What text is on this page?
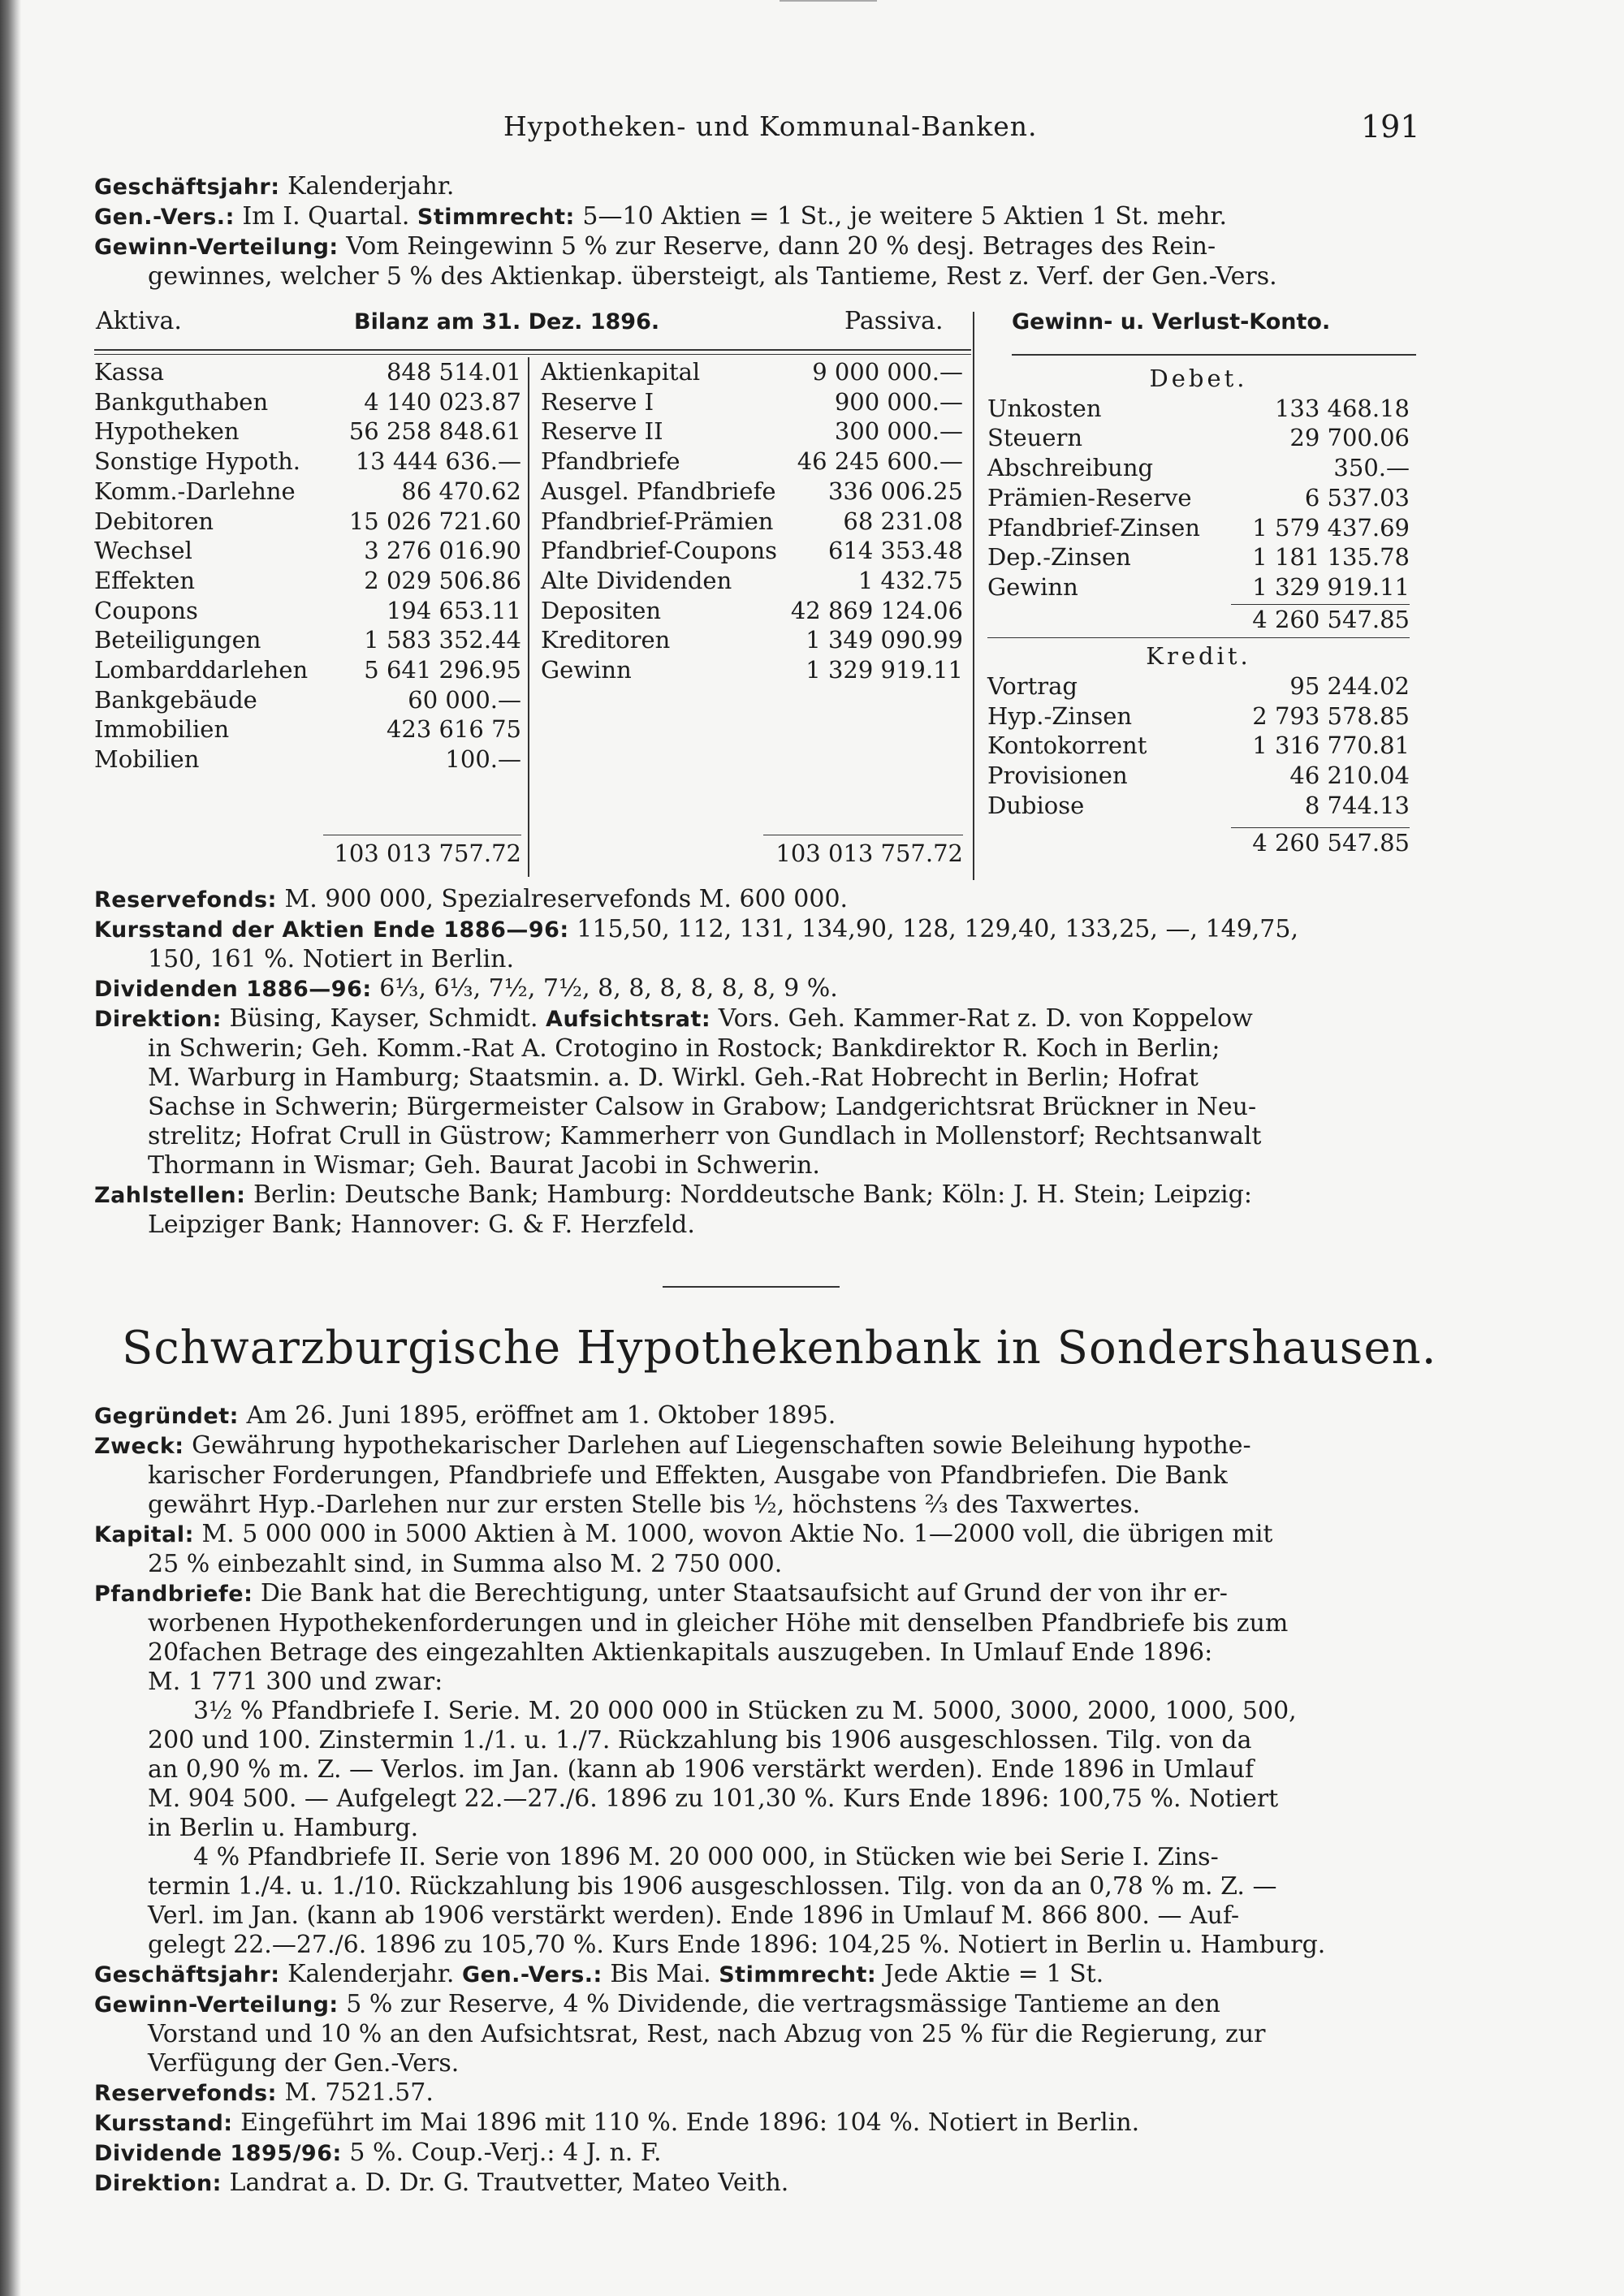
Hypotheken- und Kommunal-Banken.	191
Geschäftsjahr: Kalenderjahr.
Gen.-Vers.: Im I. Quartal. Stimmrecht: 5—10 Aktien = 1 St., je weitere 5 Aktien 1 St. mehr.
Gewinn-Verteilung: Vom Reingewinn 5 % zur Reserve, dann 20 % desj. Betrages des Rein-
gewinnes, welcher 5 % des Aktienkap. übersteigt, als Tantieme, Rest z. Verf. der Gen.-Vers.
Aktiva.	Bilanz am 31. Dez. 1896.	Passiva.	Gewinn- u. Verlust-Konto.
Kassa	848 514.01
Bankguthaben	4 140 023.87
Hypotheken	56 258 848.61
Sonstige Hypoth. 13 444 636.—
Komm.-Darlehne	86 470.62
Debitoren	15 026 721.60
Wechsel	3 276 016.90
Effekten	2 029 506.86
Coupons	194 653.11
Beteiligungen	1 583 352.44
Lombarddarlehen 5 641 296.95
Bankgebäude	60 000.—
Immobilien	423 616 75
Mobilien	100.—
Aktienkapital	9 000 000.—
Reserve I	900 000.—
Reserve II	300 000.—
Pfandbriefe	46 245 600.—
Ausgel. Pfandbriefe 336 006.25
Pfandbrief-Prämien	68 231.08
Pfandbrief-Coupons 614 353.48
Alte Dividenden	1 432.75
Depositen	42 869 124.06
Kreditoren	1 349 090.99
Gewinn	1 329 919.11
103 013 757.72	103 013 757.72
Debet.
Unkosten	133 468.18
Steuern	29 700.06
Abschreibung	350.—
Prämien-Reserve	6 537.03
Pfandbrief-Zinsen 1 579 437.69
Dep.-Zinsen	1 181 135.78
Gewinn	1 329 919.11
4 260 547.85
Kredit.
Vortrag	95 244.02
Hyp.-Zinsen	2 793 578.85
Kontokorrent	1 316 770.81
Provisionen	46 210.04
Dubiose	8 744.13
4 260 547.85
Reservefonds: M. 900 000, Spezialreservefonds M. 600 000.
Kursstand der Aktien Ende 1886—96: 115,50, 112, 131, 134,90, 128, 129,40, 133,25, —, 149,75,
150, 161 %. Notiert in Berlin.
Dividenden 1886—96: 6⅓, 6⅓, 7½, 7½, 8, 8, 8, 8, 8, 8, 9 %.
Direktion: Büsing, Kayser, Schmidt. Aufsichtsrat: Vors. Geh. Kammer-Rat z. D. von Koppelow
in Schwerin; Geh. Komm.-Rat A. Crotogino in Rostock; Bankdirektor R. Koch in Berlin;
M. Warburg in Hamburg; Staatsmin. a. D. Wirkl. Geh.-Rat Hobrecht in Berlin; Hofrat
Sachse in Schwerin; Bürgermeister Calsow in Grabow; Landgerichtsrat Brückner in Neu-
strelitz; Hofrat Crull in Güstrow; Kammerherr von Gundlach in Mollenstorf; Rechtsanwalt
Thormann in Wismar; Geh. Baurat Jacobi in Schwerin.
Zahlstellen: Berlin: Deutsche Bank; Hamburg: Norddeutsche Bank; Köln: J. H. Stein; Leipzig:
Leipziger Bank; Hannover: G. & F. Herzfeld.
Schwarzburgische Hypothekenbank in Sondershausen.
Gegründet: Am 26. Juni 1895, eröffnet am 1. Oktober 1895.
Zweck: Gewährung hypothekarischer Darlehen auf Liegenschaften sowie Beleihung hypothe-
karischer Forderungen, Pfandbriefe und Effekten, Ausgabe von Pfandbriefen. Die Bank
gewährt Hyp.-Darlehen nur zur ersten Stelle bis ½, höchstens ⅔ des Taxwertes.
Kapital: M. 5 000 000 in 5000 Aktien à M. 1000, wovon Aktie No. 1—2000 voll, die übrigen mit
25 % einbezahlt sind, in Summa also M. 2 750 000.
Pfandbriefe: Die Bank hat die Berechtigung, unter Staatsaufsicht auf Grund der von ihr er-
worbenen Hypothekenforderungen und in gleicher Höhe mit denselben Pfandbriefe bis zum
20fachen Betrage des eingezahlten Aktienkapitals auszugeben. In Umlauf Ende 1896:
M. 1 771 300 und zwar:
3½ % Pfandbriefe I. Serie. M. 20 000 000 in Stücken zu M. 5000, 3000, 2000, 1000, 500,
200 und 100. Zinstermin 1./1. u. 1./7. Rückzahlung bis 1906 ausgeschlossen. Tilg. von da
an 0,90 % m. Z. — Verlos. im Jan. (kann ab 1906 verstärkt werden). Ende 1896 in Umlauf
M. 904 500. — Aufgelegt 22.—27./6. 1896 zu 101,30 %. Kurs Ende 1896: 100,75 %. Notiert
in Berlin u. Hamburg.
4 % Pfandbriefe II. Serie von 1896 M. 20 000 000, in Stücken wie bei Serie I. Zins-
termin 1./4. u. 1./10. Rückzahlung bis 1906 ausgeschlossen. Tilg. von da an 0,78 % m. Z. —
Verl. im Jan. (kann ab 1906 verstärkt werden). Ende 1896 in Umlauf M. 866 800. — Auf-
gelegt 22.—27./6. 1896 zu 105,70 %. Kurs Ende 1896: 104,25 %. Notiert in Berlin u. Hamburg.
Geschäftsjahr: Kalenderjahr. Gen.-Vers.: Bis Mai. Stimmrecht: Jede Aktie = 1 St.
Gewinn-Verteilung: 5 % zur Reserve, 4 % Dividende, die vertragsmässige Tantieme an den
Vorstand und 10 % an den Aufsichtsrat, Rest, nach Abzug von 25 % für die Regierung, zur
Verfügung der Gen.-Vers.
Reservefonds: M. 7521.57.
Kursstand: Eingeführt im Mai 1896 mit 110 %. Ende 1896: 104 %. Notiert in Berlin.
Dividende 1895/96: 5 %. Coup.-Verj.: 4 J. n. F.
Direktion: Landrat a. D. Dr. G. Trautvetter, Mateo Veith.
